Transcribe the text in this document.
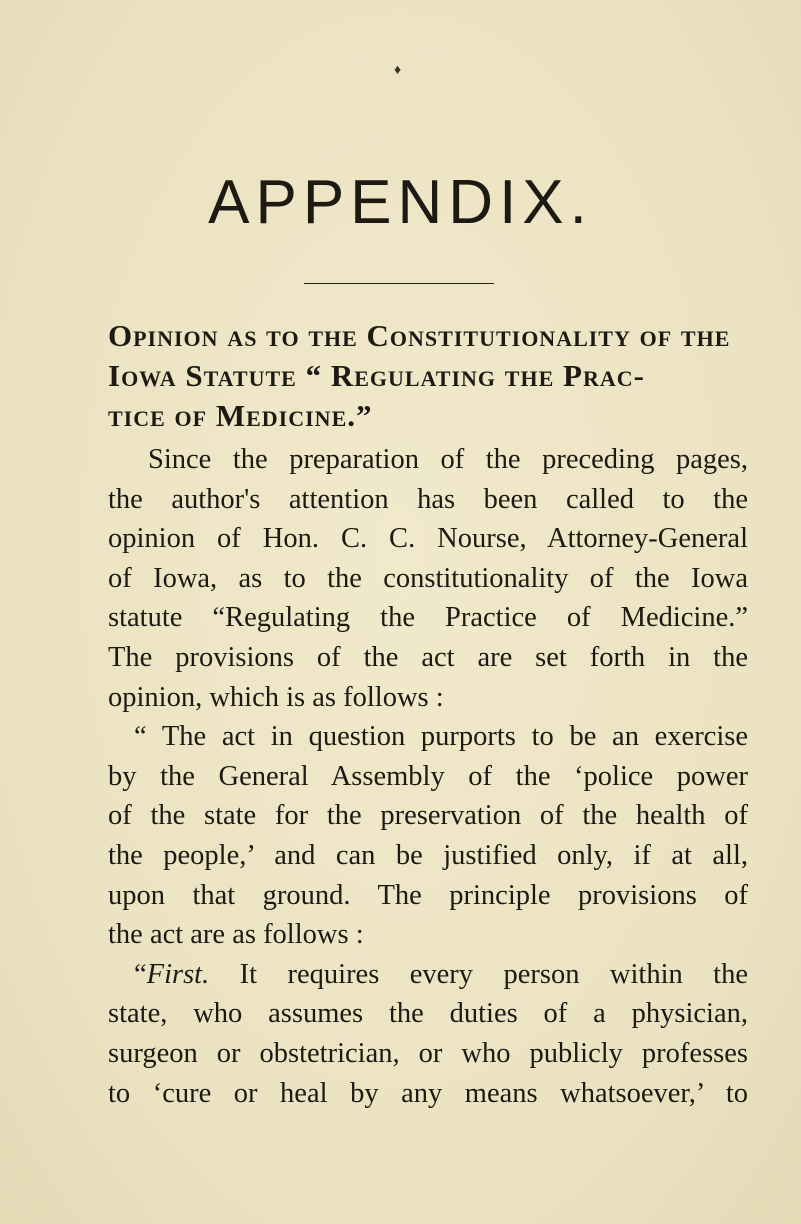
♦
APPENDIX.
Opinion as to the Constitutionality of the
Iowa Statute “ Regulating the Prac-
tice of Medicine.”
Since the preparation of the preceding pages,
the author's attention has been called to the
opinion of Hon. C. C. Nourse, Attorney-General
of Iowa, as to the constitutionality of the Iowa
statute “Regulating the Practice of Medicine.”
The provisions of the act are set forth in the
opinion, which is as follows :
“ The act in question purports to be an exercise
by the General Assembly of the ‘police power
of the state for the preservation of the health of
the people,’ and can be justified only, if at all,
upon that ground. The principle provisions of
the act are as follows :
“First. It requires every person within the
state, who assumes the duties of a physician,
surgeon or obstetrician, or who publicly professes
to ‘cure or heal by any means whatsoever,’ to
